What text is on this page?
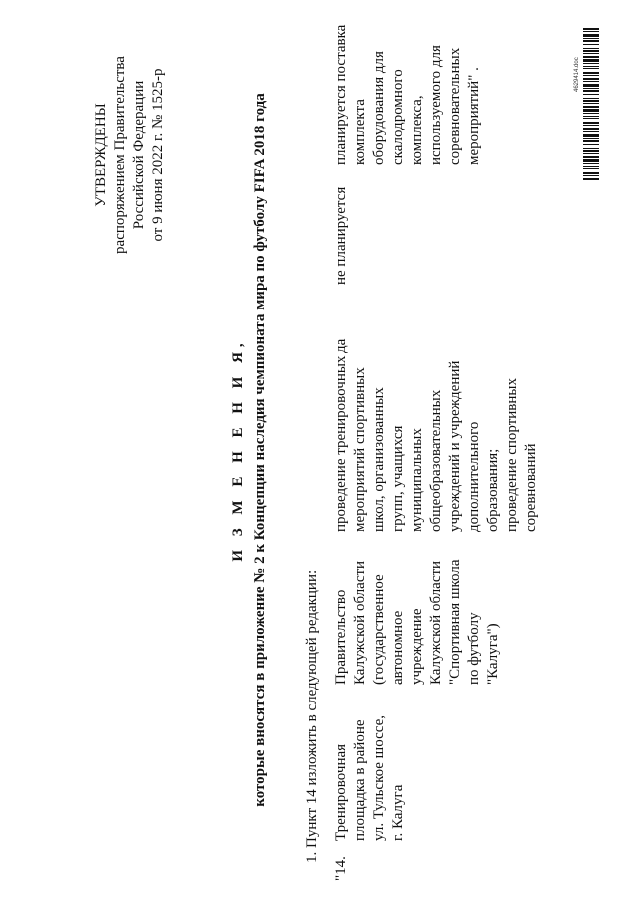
4629414.doc
УТВЕРЖДЕНЫ распоряжением Правительства Российской Федерации от 9 июня 2022 г. № 1525-р
И З М Е Н Е Н И Я, которые вносятся в приложение № 2 к Концепции наследия чемпионата мира по футболу FIFA 2018 года 1. Пункт 14 изложить в следующей редакции:
"14.
Тренировочная площадка в районе ул. Тульское шоссе, г. Калуга
Правительство Калужской области (государственное автономное учреждение Калужской области "Спортивная школа по футболу "Калуга")
проведение тренировочных мероприятий спортивных школ, организованных групп, учащихся муниципальных общеобразовательных учреждений и учреждений дополнительного образования; проведение спортивных соревнований
да
не планируется
планируется поставка комплекта оборудования для скалодромного комплекса, используемого для соревновательных мероприятий" .
